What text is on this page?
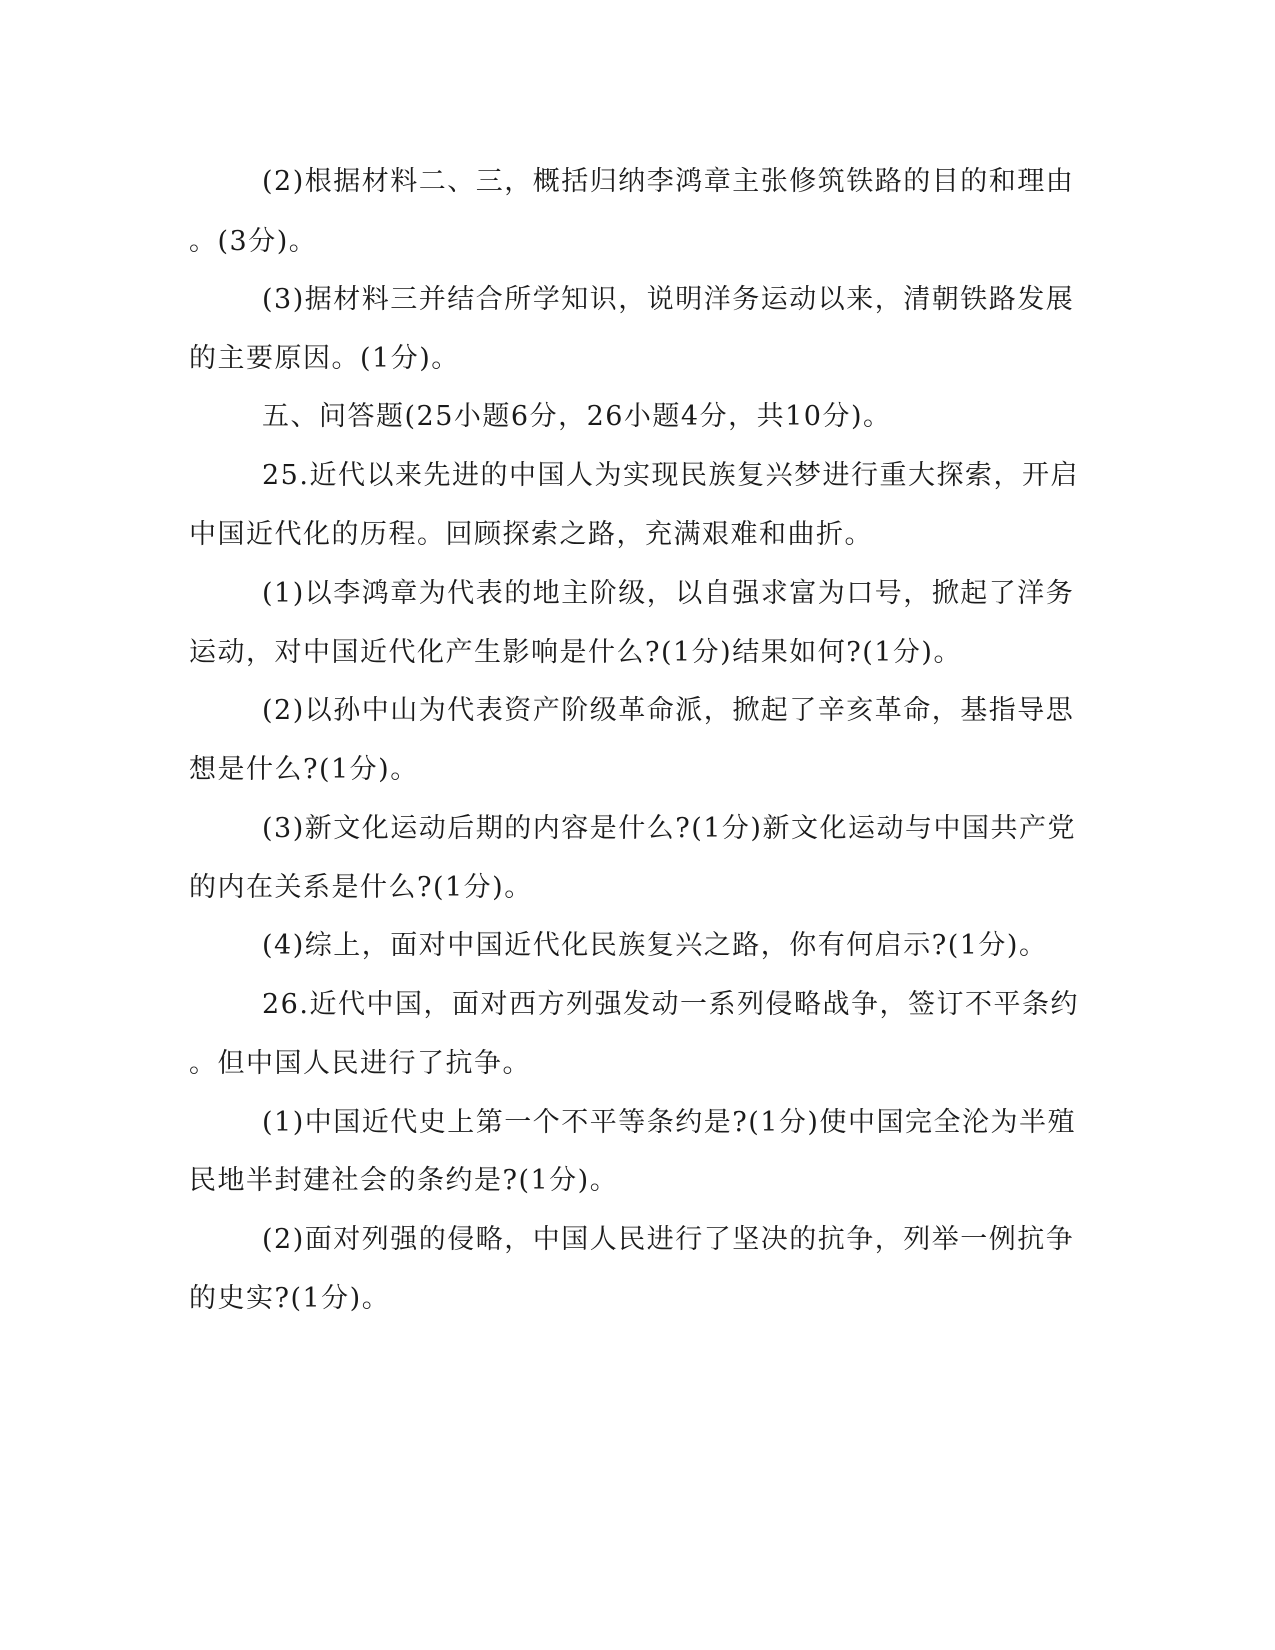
(2)根据材料二、三，概括归纳李鸿章主张修筑铁路的目的和理由
。(3分)。
(3)据材料三并结合所学知识，说明洋务运动以来，清朝铁路发展
的主要原因。(1分)。
五、问答题(25小题6分，26小题4分，共10分)。
25.近代以来先进的中国人为实现民族复兴梦进行重大探索，开启
中国近代化的历程。回顾探索之路，充满艰难和曲折。
(1)以李鸿章为代表的地主阶级，以自强求富为口号，掀起了洋务
运动，对中国近代化产生影响是什么?(1分)结果如何?(1分)。
(2)以孙中山为代表资产阶级革命派，掀起了辛亥革命，基指导思
想是什么?(1分)。
(3)新文化运动后期的内容是什么?(1分)新文化运动与中国共产党
的内在关系是什么?(1分)。
(4)综上，面对中国近代化民族复兴之路，你有何启示?(1分)。
26.近代中国，面对西方列强发动一系列侵略战争，签订不平条约
。但中国人民进行了抗争。
(1)中国近代史上第一个不平等条约是?(1分)使中国完全沦为半殖
民地半封建社会的条约是?(1分)。
(2)面对列强的侵略，中国人民进行了坚决的抗争，列举一例抗争
的史实?(1分)。
